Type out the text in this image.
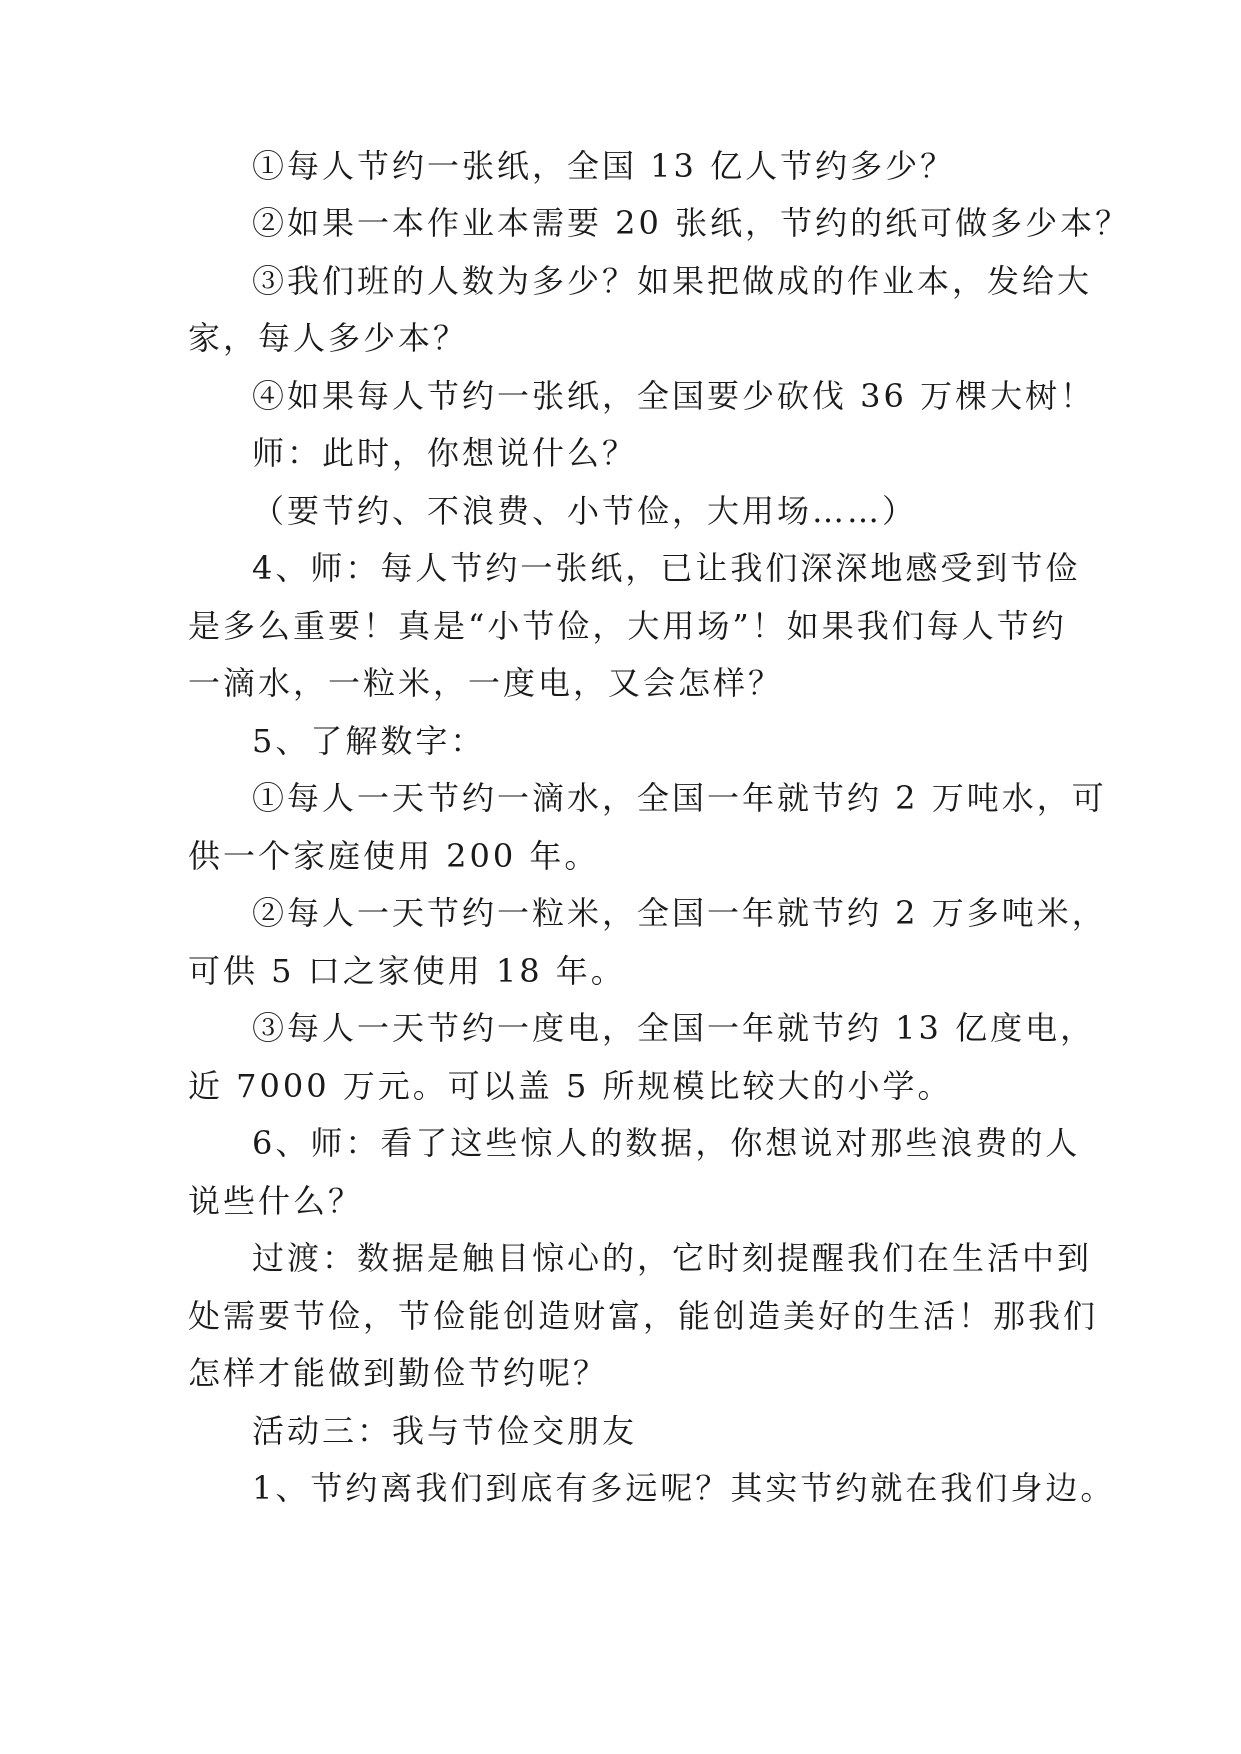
①每人节约一张纸，全国 13 亿人节约多少？
②如果一本作业本需要 20 张纸，节约的纸可做多少本？
③我们班的人数为多少？如果把做成的作业本，发给大
家，每人多少本？
④如果每人节约一张纸，全国要少砍伐 36 万棵大树！
师：此时，你想说什么？
（要节约、不浪费、小节俭，大用场……）
4、师：每人节约一张纸，已让我们深深地感受到节俭
是多么重要！真是“小节俭，大用场”！如果我们每人节约
一滴水，一粒米，一度电，又会怎样？
5、了解数字：
①每人一天节约一滴水，全国一年就节约 2 万吨水，可
供一个家庭使用 200 年。
②每人一天节约一粒米，全国一年就节约 2 万多吨米，
可供 5 口之家使用 18 年。
③每人一天节约一度电，全国一年就节约 13 亿度电，
近 7000 万元。可以盖 5 所规模比较大的小学。
6、师：看了这些惊人的数据，你想说对那些浪费的人
说些什么？
过渡：数据是触目惊心的，它时刻提醒我们在生活中到
处需要节俭，节俭能创造财富，能创造美好的生活！那我们
怎样才能做到勤俭节约呢？
活动三：我与节俭交朋友
1、节约离我们到底有多远呢？其实节约就在我们身边。
